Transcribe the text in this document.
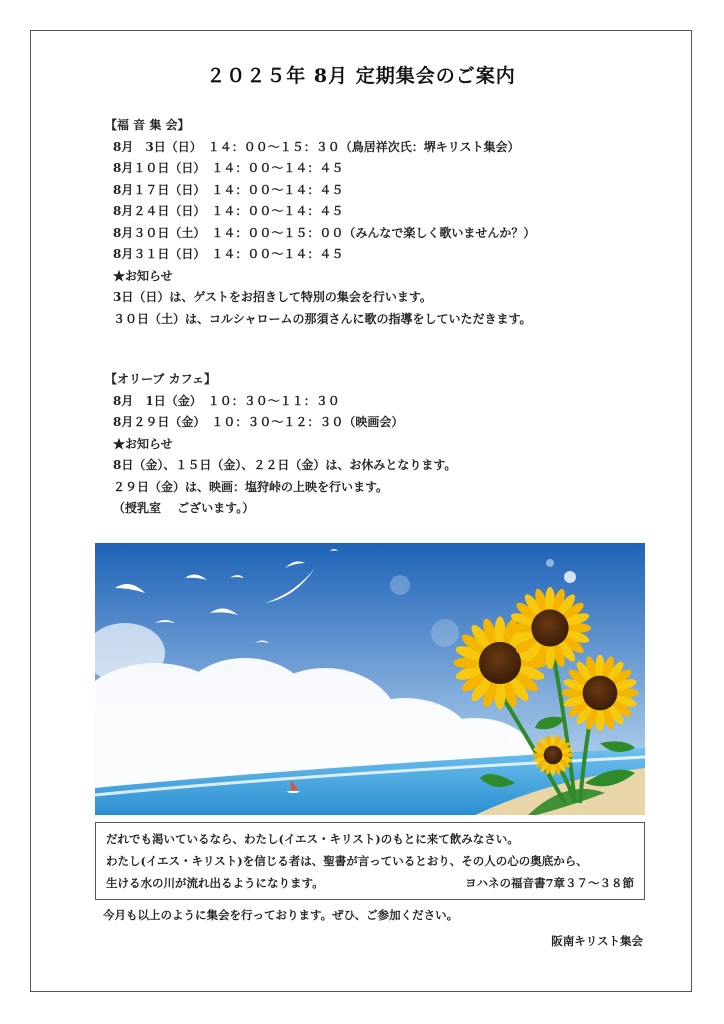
２０２５年 8月 定期集会のご案内
【福 音 集 会】
8月　3日（日）　１４：００～１５：３０（鳥居祥次氏：堺キリスト集会）
8月１０日（日）　１４：００～１４：４５
8月１７日（日）　１４：００～１４：４５
8月２４日（日）　１４：００～１４：４５
8月３０日（土）　１４：００～１５：００（みんなで楽しく歌いませんか？）
8月３１日（日）　１４：００～１４：４５
★お知らせ
3日（日）は、ゲストをお招きして特別の集会を行います。
３０日（土）は、コルシャロームの那須さんに歌の指導をしていただきます。
【オリーブ カフェ】
8月　1日（金）　１０：３０～１１：３０
8月２９日（金）　１０：３０～１２：３０（映画会）
★お知らせ
8日（金）、１５日（金）、２２日（金）は、お休みとなります。
２９日（金）は、映画：塩狩峠の上映を行います。
（授乳室　 ございます。）
だれでも渇いているなら、わたし(イエス・キリスト)のもとに来て飲みなさい。
わたし(イエス・キリスト)を信じる者は、聖書が言っているとおり、その人の心の奥底から、
生ける水の川が流れ出るようになります。	ヨハネの福音書7章３７～３８節
今月も以上のように集会を行っております。ぜひ、ご参加ください。
阪南キリスト集会
